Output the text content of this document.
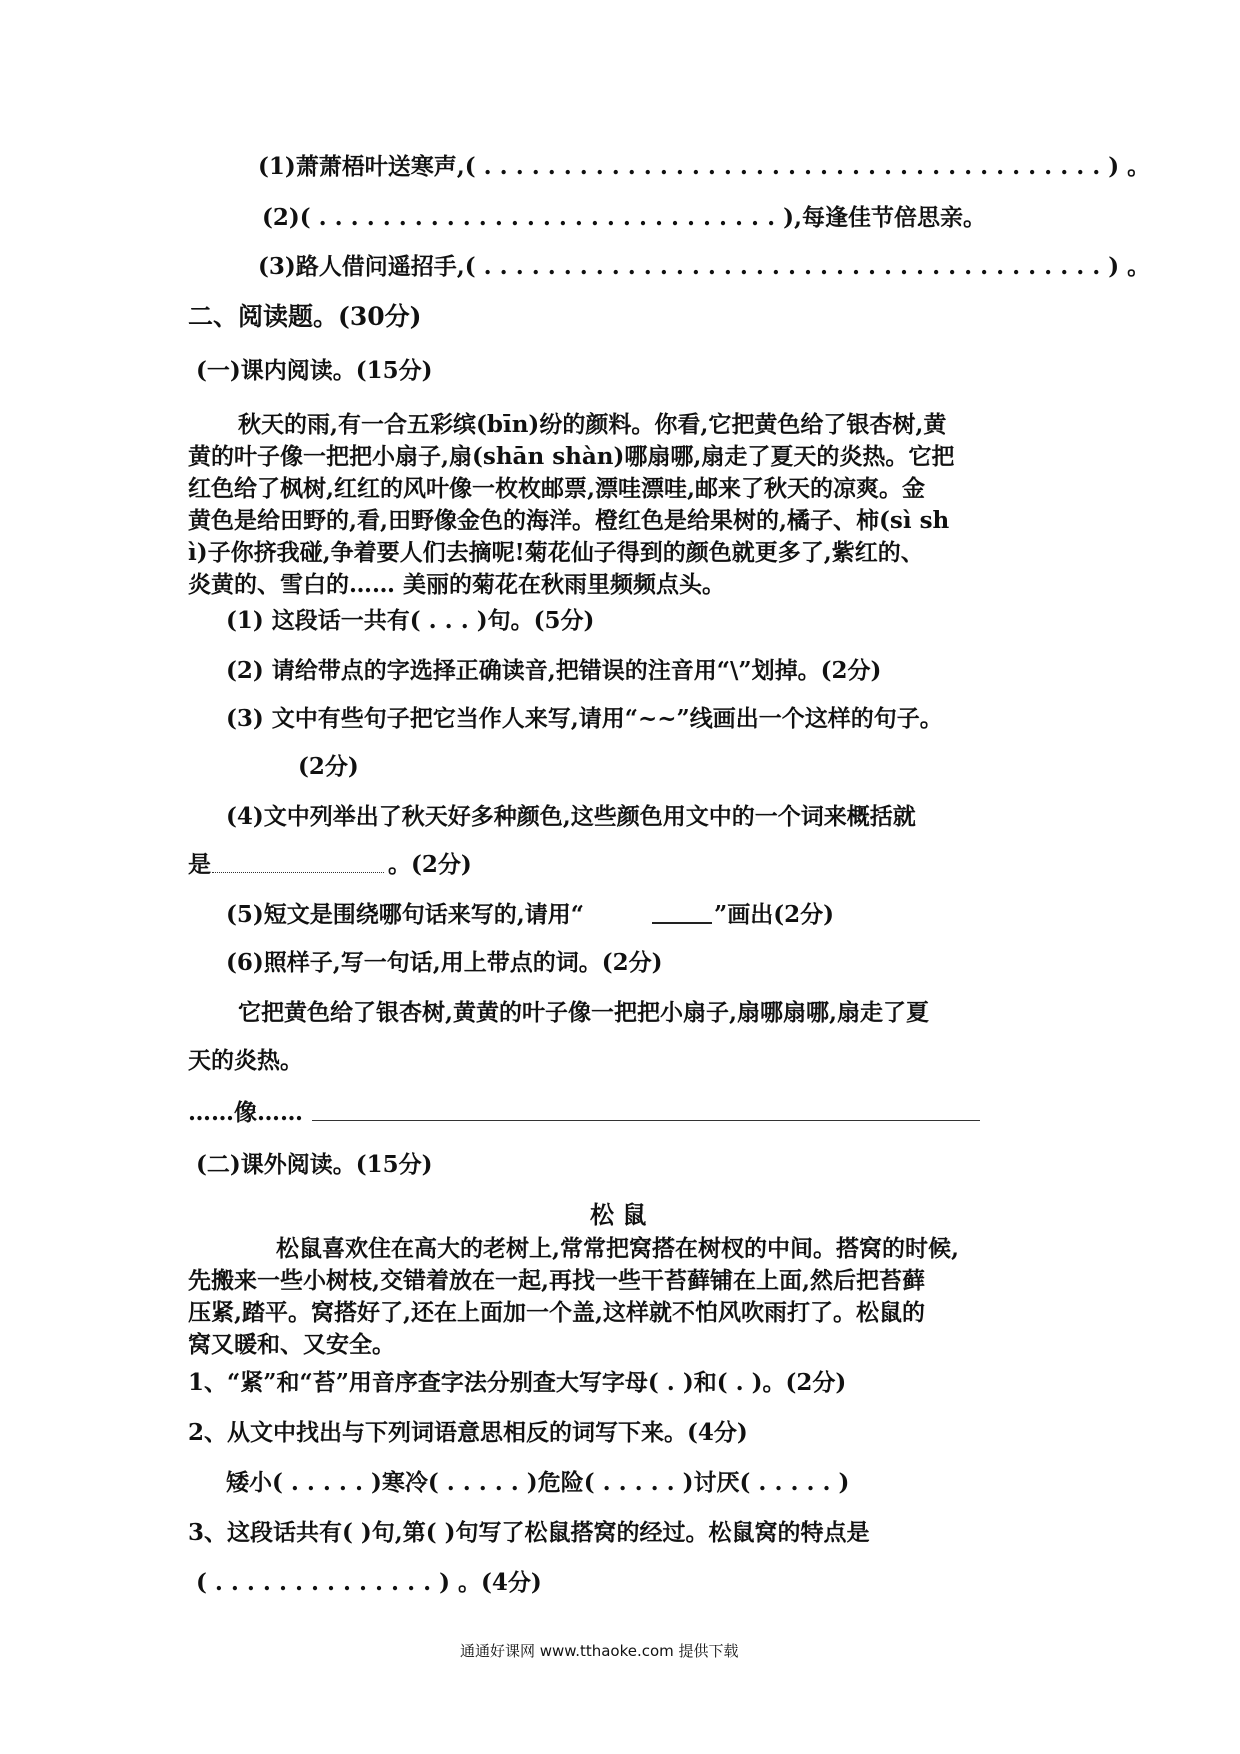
(1)萧萧梧叶送寒声,( . . . . . . . . . . . . . . . . . . . . . . . . . . . . . . . . . . . . . . . ) 。
(2)( . . . . . . . . . . . . . . . . . . . . . . . . . . . . . ),每逢佳节倍思亲。
(3)路人借问遥招手,( . . . . . . . . . . . . . . . . . . . . . . . . . . . . . . . . . . . . . . . ) 。
二、阅读题。(30分)
(一)课内阅读。(15分)
秋天的雨,有一合五彩缤(bīn)纷的颜料。你看,它把黄色给了银杏树,黄
黄的叶子像一把把小扇子,扇(shān shàn)哪扇哪,扇走了夏天的炎热。它把
红色给了枫树,红红的风叶像一枚枚邮票,漂哇漂哇,邮来了秋天的凉爽。金
黄色是给田野的,看,田野像金色的海洋。橙红色是给果树的,橘子、柿(sì sh
ì)子你挤我碰,争着要人们去摘呢!菊花仙子得到的颜色就更多了,紫红的、
炎黄的、雪白的…… 美丽的菊花在秋雨里频频点头。
(1) 这段话一共有( . . . )句。(5分)
(2) 请给带点的字选择正确读音,把错误的注音用“\”划掉。(2分)
(3) 文中有些句子把它当作人来写,请用“~~”线画出一个这样的句子。
(2分)
(4)文中列举出了秋天好多种颜色,这些颜色用文中的一个词来概括就
是	。(2分)
(5)短文是围绕哪句话来写的,请用“	”画出(2分)
(6)照样子,写一句话,用上带点的词。(2分)
它把黄色给了银杏树,黄黄的叶子像一把把小扇子,扇哪扇哪,扇走了夏
天的炎热。
……像……
(二)课外阅读。(15分)
松 鼠
松鼠喜欢住在高大的老树上,常常把窝搭在树杈的中间。搭窝的时候,
先搬来一些小树枝,交错着放在一起,再找一些干苔藓铺在上面,然后把苔藓
压紧,踏平。窝搭好了,还在上面加一个盖,这样就不怕风吹雨打了。松鼠的
窝又暖和、又安全。
1、“紧”和“苔”用音序查字法分别查大写字母( . )和( . )。(2分)
2、从文中找出与下列词语意思相反的词写下来。(4分)
矮小( . . . . . )寒冷( . . . . . )危险( . . . . . )讨厌( . . . . . )
3、这段话共有( )句,第( )句写了松鼠搭窝的经过。松鼠窝的特点是
( . . . . . . . . . . . . . . ) 。(4分)
通通好课网 www.tthaoke.com 提供下载
